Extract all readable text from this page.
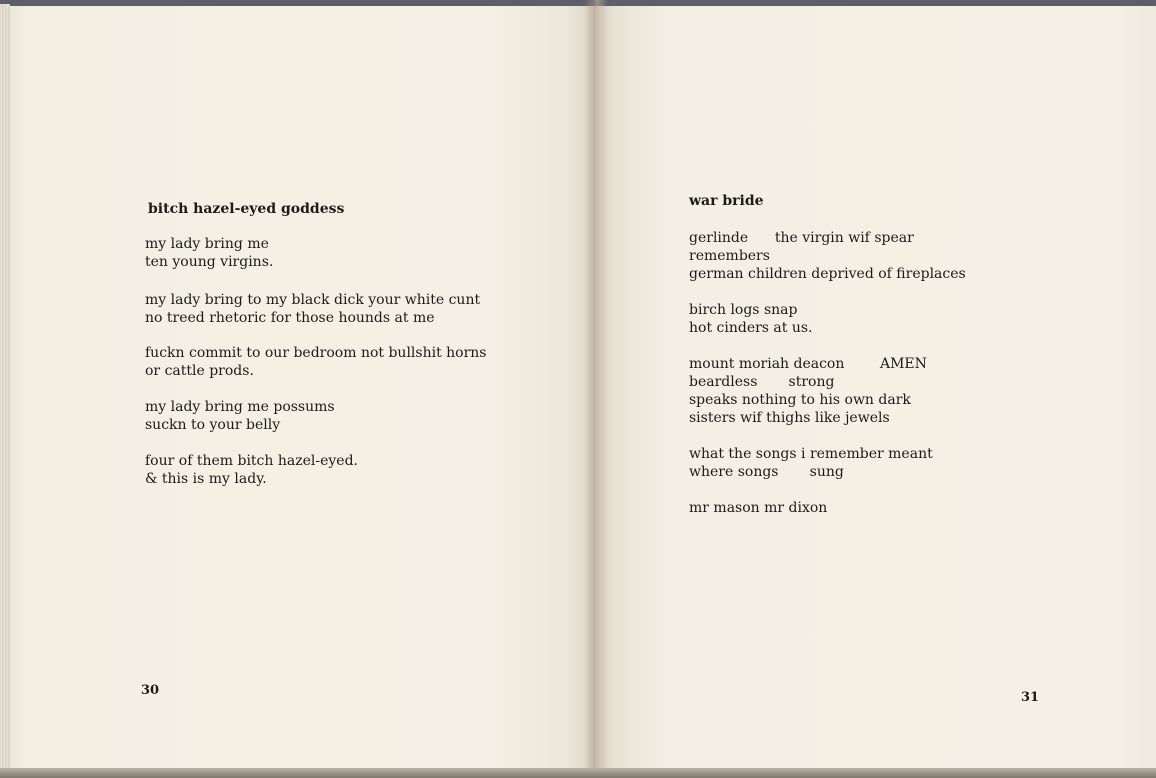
bitch hazel-eyed goddess
my lady bring me
ten young virgins.
my lady bring to my black dick your white cunt
no treed rhetoric for those hounds at me
fuckn commit to our bedroom not bullshit horns
or cattle prods.
my lady bring me possums
suckn to your belly
four of them bitch hazel-eyed.
& this is my lady.
30
war bride
gerlinde      the virgin wif spear
remembers
german children deprived of fireplaces
birch logs snap
hot cinders at us.
mount moriah deacon        AMEN
beardless       strong
speaks nothing to his own dark
sisters wif thighs like jewels
what the songs i remember meant
where songs       sung
mr mason mr dixon
31
